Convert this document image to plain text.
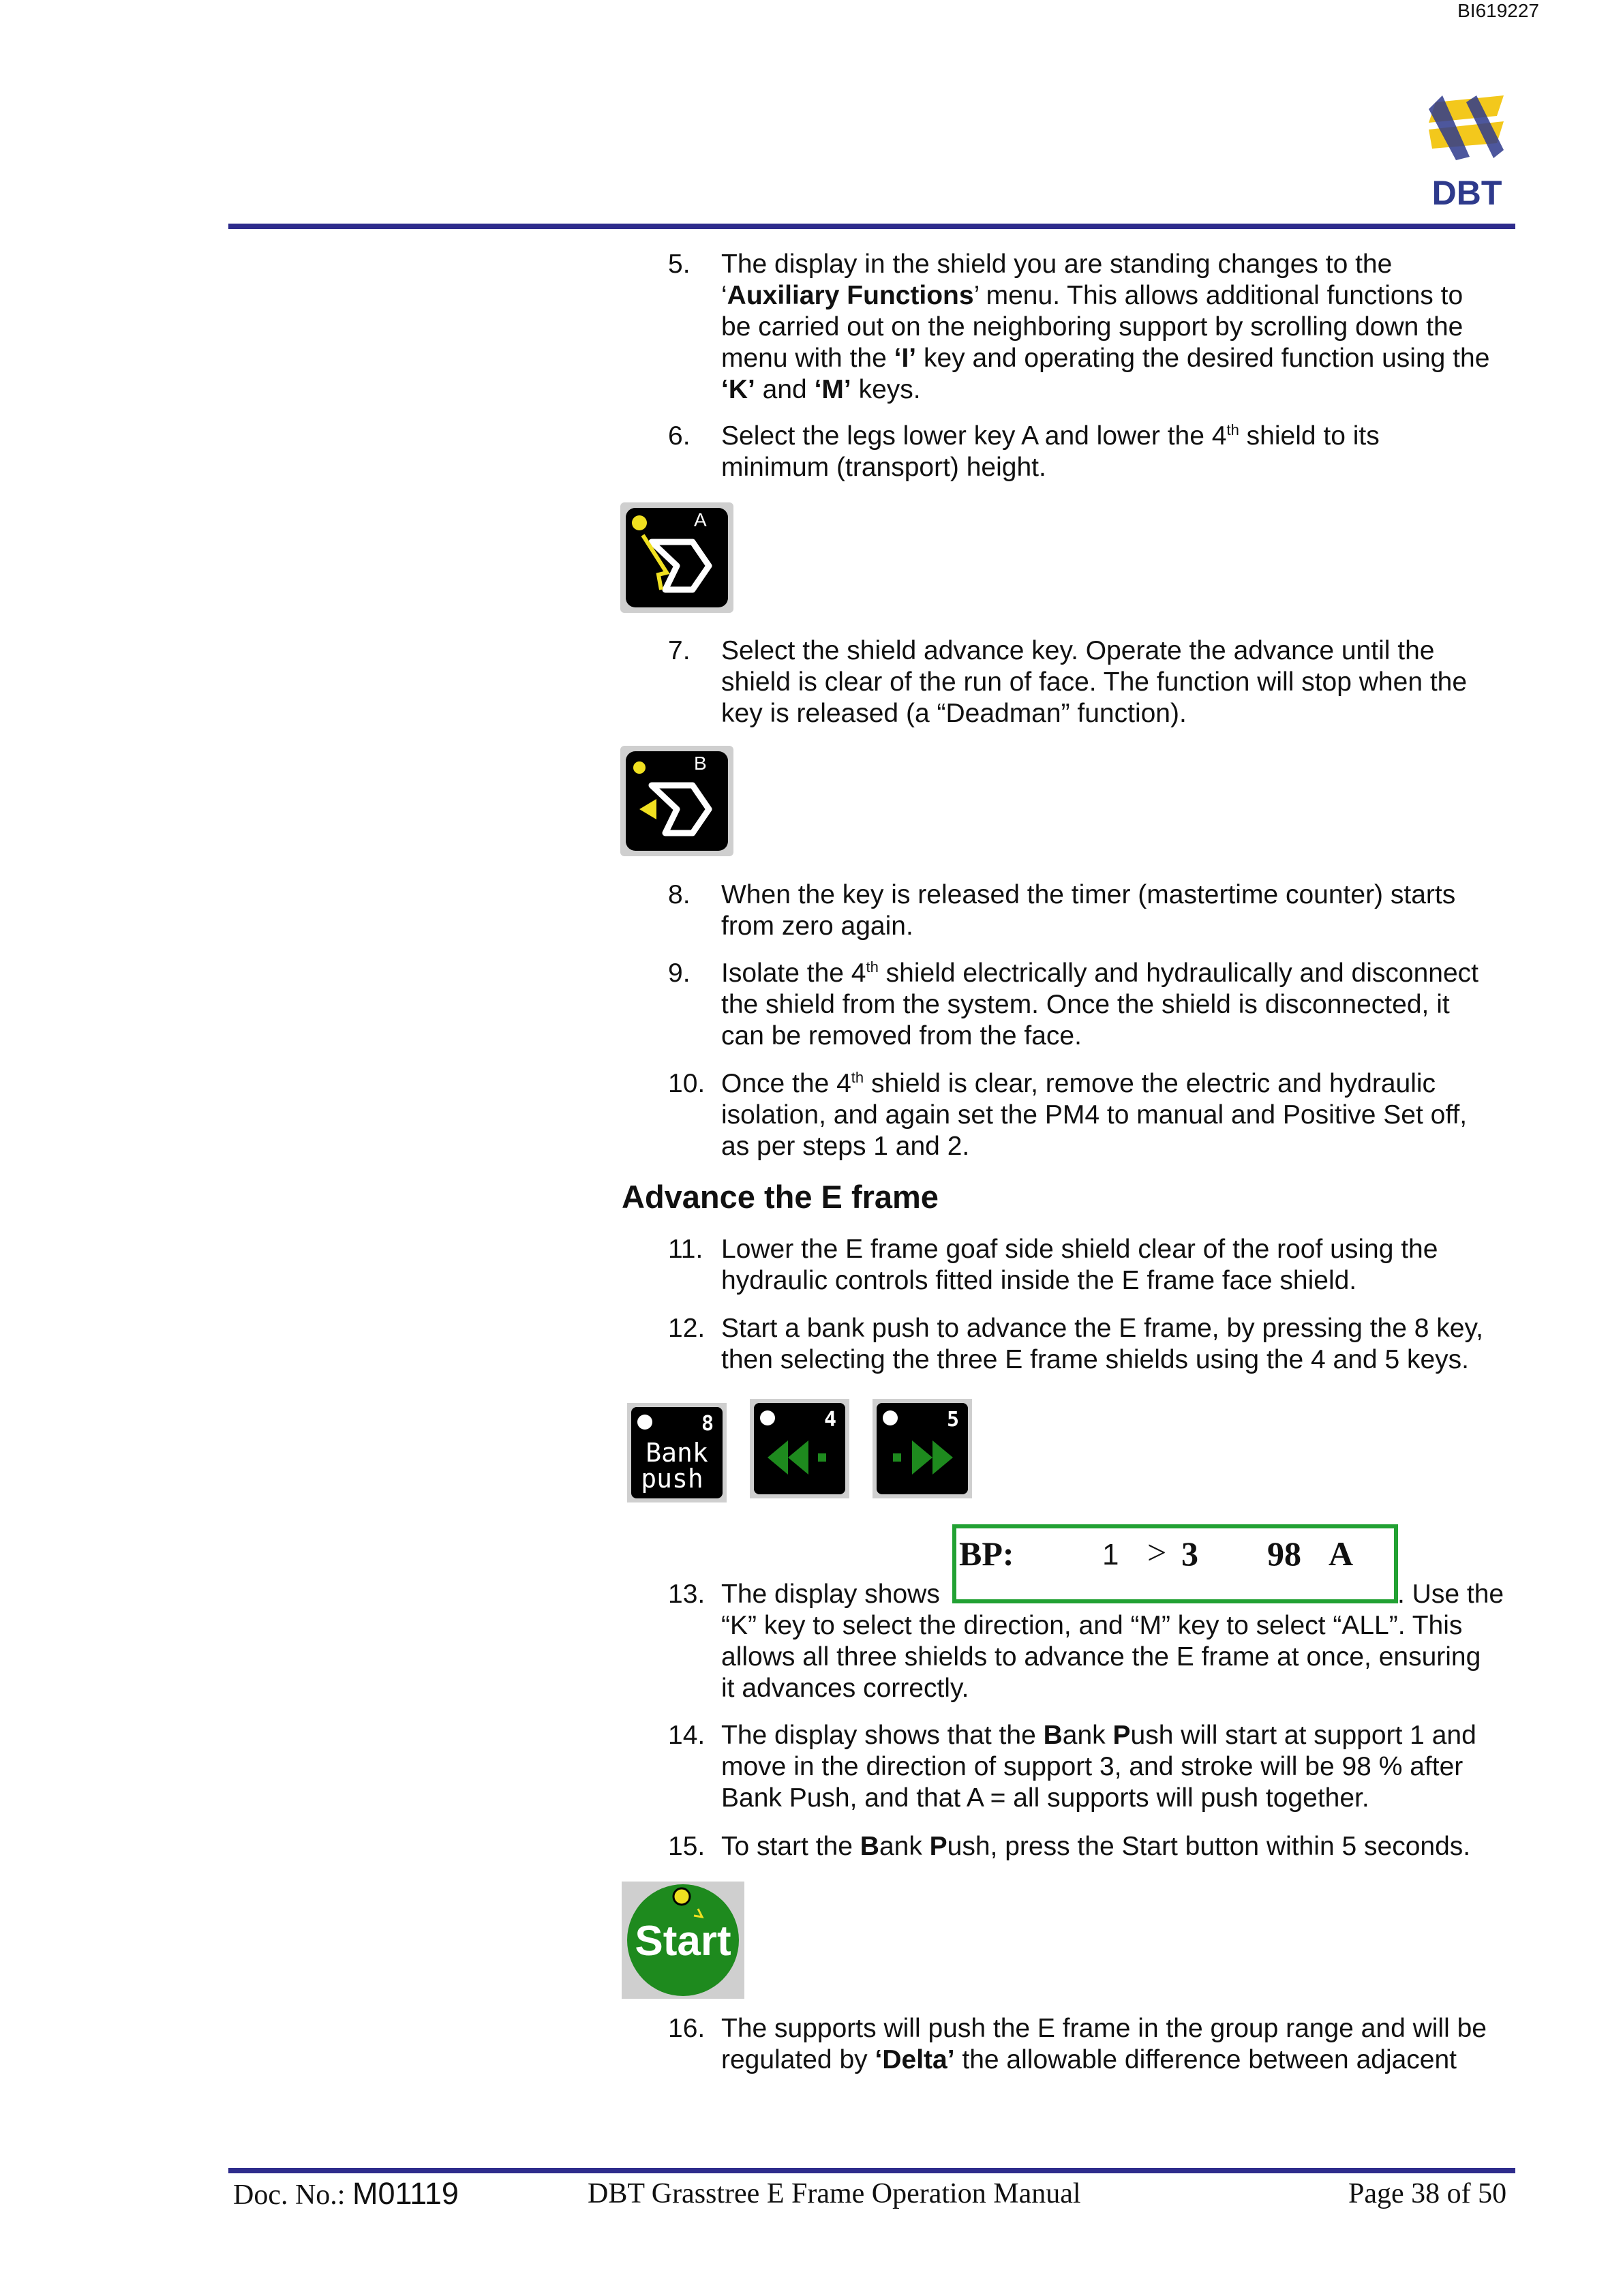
BI619227
DBT
5.	The display in the shield you are standing changes to the
‘Auxiliary Functions’ menu. This allows additional functions to
be carried out on the neighboring support by scrolling down the
menu with the ‘I’ key and operating the desired function using the
‘K’ and ‘M’ keys.
6.	Select the legs lower key A and lower the 4th shield to its
minimum (transport) height.
A
7.	Select the shield advance key. Operate the advance until the
shield is clear of the run of face. The function will stop when the
key is released (a “Deadman” function).
B
8.	When the key is released the timer (mastertime counter) starts
from zero again.
9.	Isolate the 4th shield electrically and hydraulically and disconnect
the shield from the system. Once the shield is disconnected, it
can be removed from the face.
10. Once the 4th shield is clear, remove the electric and hydraulic
isolation, and again set the PM4 to manual and Positive Set off,
as per steps 1 and 2.
Advance the E frame
11. Lower the E frame goaf side shield clear of the roof using the
hydraulic controls fitted inside the E frame face shield.
12. Start a bank push to advance the E frame, by pressing the 8 key,
then selecting the three E frame shields using the 4 and 5 keys.
8
Bank
push
4	5
BP:	1 > 3 98 A
13. The display shows	. Use the
“K” key to select the direction, and “M” key to select “ALL”. This
allows all three shields to advance the E frame at once, ensuring
it advances correctly.
14. The display shows that the Bank Push will start at support 1 and
move in the direction of support 3, and stroke will be 98 % after
Bank Push, and that A = all supports will push together.
15. To start the Bank Push, press the Start button within 5 seconds.
Start
16. The supports will push the E frame in the group range and will be
regulated by ‘Delta’ the allowable difference between adjacent
Doc. No.: M01119	DBT Grasstree E Frame Operation Manual	Page 38 of 50
